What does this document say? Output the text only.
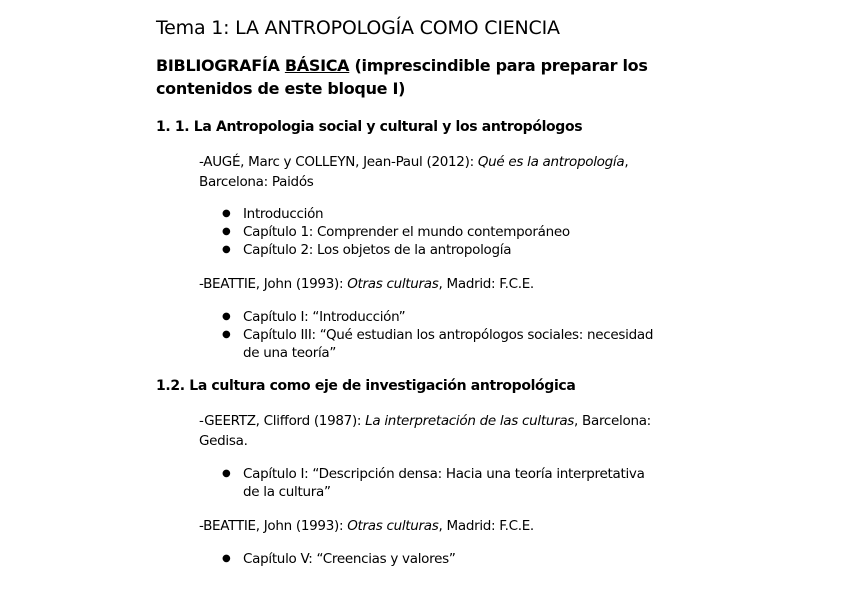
Tema 1: LA ANTROPOLOGÍA COMO CIENCIA
BIBLIOGRAFÍA BÁSICA (imprescindible para preparar los
contenidos de este bloque I)
1. 1. La Antropologia social y cultural y los antropólogos
-AUGÉ, Marc y COLLEYN, Jean-Paul (2012): Qué es la antropología,
Barcelona: Paidós
● Introducción
● Capítulo 1: Comprender el mundo contemporáneo
● Capítulo 2: Los objetos de la antropología
-BEATTIE, John (1993): Otras culturas, Madrid: F.C.E.
● Capítulo I: “Introducción”
● Capítulo III: “Qué estudian los antropólogos sociales: necesidad
de una teoría”
1.2. La cultura como eje de investigación antropológica
-GEERTZ, Clifford (1987): La interpretación de las culturas, Barcelona:
Gedisa.
● Capítulo I: “Descripción densa: Hacia una teoría interpretativa
de la cultura”
-BEATTIE, John (1993): Otras culturas, Madrid: F.C.E.
● Capítulo V: “Creencias y valores”
